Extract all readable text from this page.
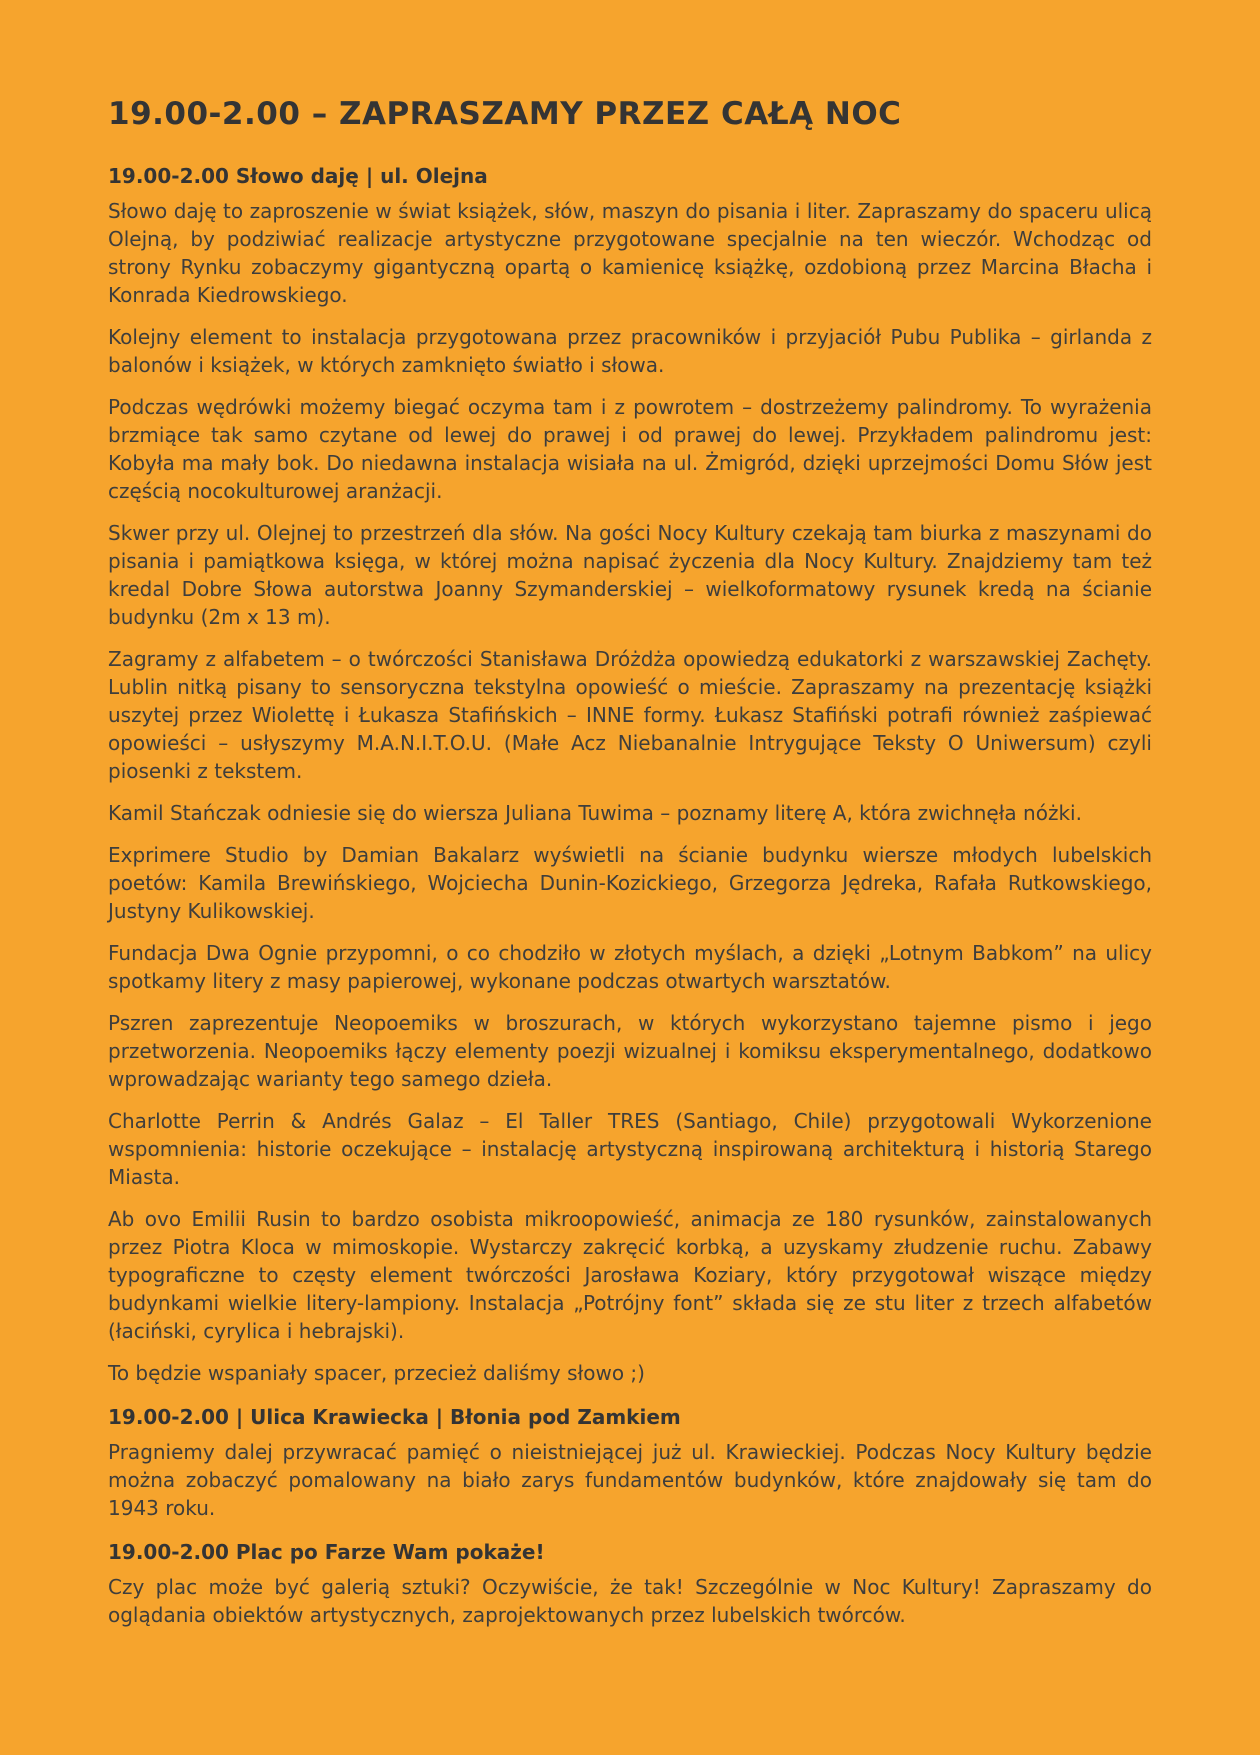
19.00-2.00 – ZAPRASZAMY PRZEZ CAŁĄ NOC
19.00-2.00 Słowo daję | ul. Olejna

Słowo daję to zaproszenie w świat książek, słów, maszyn do pisania i liter. Zapraszamy do spaceru ulicą Olejną, by podziwiać realizacje artystyczne przygotowane specjalnie na ten wieczór. Wchodząc od strony Rynku zobaczymy gigantyczną opartą o kamienicę książkę, ozdobioną przez Marcina Błacha i Konrada Kiedrowskiego.

Kolejny element to instalacja przygotowana przez pracowników i przyjaciół Pubu Publika – girlanda z balonów i książek, w których zamknięto światło i słowa.

Podczas wędrówki możemy biegać oczyma tam i z powrotem – dostrzeżemy palindromy. To wyrażenia brzmiące tak samo czytane od lewej do prawej i od prawej do lewej. Przykładem palindromu jest: Kobyła ma mały bok. Do niedawna instalacja wisiała na ul. Żmigród, dzięki uprzejmości Domu Słów jest częścią nocokulturowej aranżacji.

Skwer przy ul. Olejnej to przestrzeń dla słów. Na gości Nocy Kultury czekają tam biurka z maszynami do pisania i pamiątkowa księga, w której można napisać życzenia dla Nocy Kultury. Znajdziemy tam też kredal Dobre Słowa autorstwa Joanny Szymanderskiej – wielkoformatowy rysunek kredą na ścianie budynku (2m x 13 m).

Zagramy z alfabetem – o twórczości Stanisława Dróżdża opowiedzą edukatorki z warszawskiej Zachęty. Lublin nitką pisany to sensoryczna tekstylna opowieść o mieście. Zapraszamy na prezentację książki uszytej przez Wiolettę i Łukasza Stafińskich – INNE formy. Łukasz Stafiński potrafi również zaśpiewać opowieści – usłyszymy M.A.N.I.T.O.U. (Małe Acz Niebanalnie Intrygujące Teksty O Uniwersum) czyli piosenki z tekstem.

Kamil Stańczak odniesie się do wiersza Juliana Tuwima – poznamy literę A, która zwichnęła nóżki.

Exprimere Studio by Damian Bakalarz wyświetli na ścianie budynku wiersze młodych lubelskich poetów: Kamila Brewińskiego, Wojciecha Dunin-Kozickiego, Grzegorza Jędreka, Rafała Rutkowskiego, Justyny Kulikowskiej.

Fundacja Dwa Ognie przypomni, o co chodziło w złotych myślach, a dzięki „Lotnym Babkom” na ulicy spotkamy litery z masy papierowej, wykonane podczas otwartych warsztatów.

Pszren zaprezentuje Neopoemiks w broszurach, w których wykorzystano tajemne pismo i jego przetworzenia. Neopoemiks łączy elementy poezji wizualnej i komiksu eksperymentalnego, dodatkowo wprowadzając warianty tego samego dzieła.

Charlotte Perrin & Andrés Galaz – El Taller TRES (Santiago, Chile) przygotowali Wykorzenione wspomnienia: historie oczekujące – instalację artystyczną inspirowaną architekturą i historią Starego Miasta.

Ab ovo Emilii Rusin to bardzo osobista mikroopowieść, animacja ze 180 rysunków, zainstalowanych przez Piotra Kloca w mimoskopie. Wystarczy zakręcić korbką, a uzyskamy złudzenie ruchu. Zabawy typograficzne to częsty element twórczości Jarosława Koziary, który przygotował wiszące między budynkami wielkie litery-lampiony. Instalacja „Potrójny font” składa się ze stu liter z trzech alfabetów (łaciński, cyrylica i hebrajski).

To będzie wspaniały spacer, przecież daliśmy słowo ;)

19.00-2.00 | Ulica Krawiecka | Błonia pod Zamkiem

Pragniemy dalej przywracać pamięć o nieistniejącej już ul. Krawieckiej. Podczas Nocy Kultury będzie można zobaczyć pomalowany na biało zarys fundamentów budynków, które znajdowały się tam do 1943 roku.

19.00-2.00 Plac po Farze Wam pokaże!

Czy plac może być galerią sztuki? Oczywiście, że tak! Szczególnie w Noc Kultury! Zapraszamy do oglądania obiektów artystycznych, zaprojektowanych przez lubelskich twórców.
